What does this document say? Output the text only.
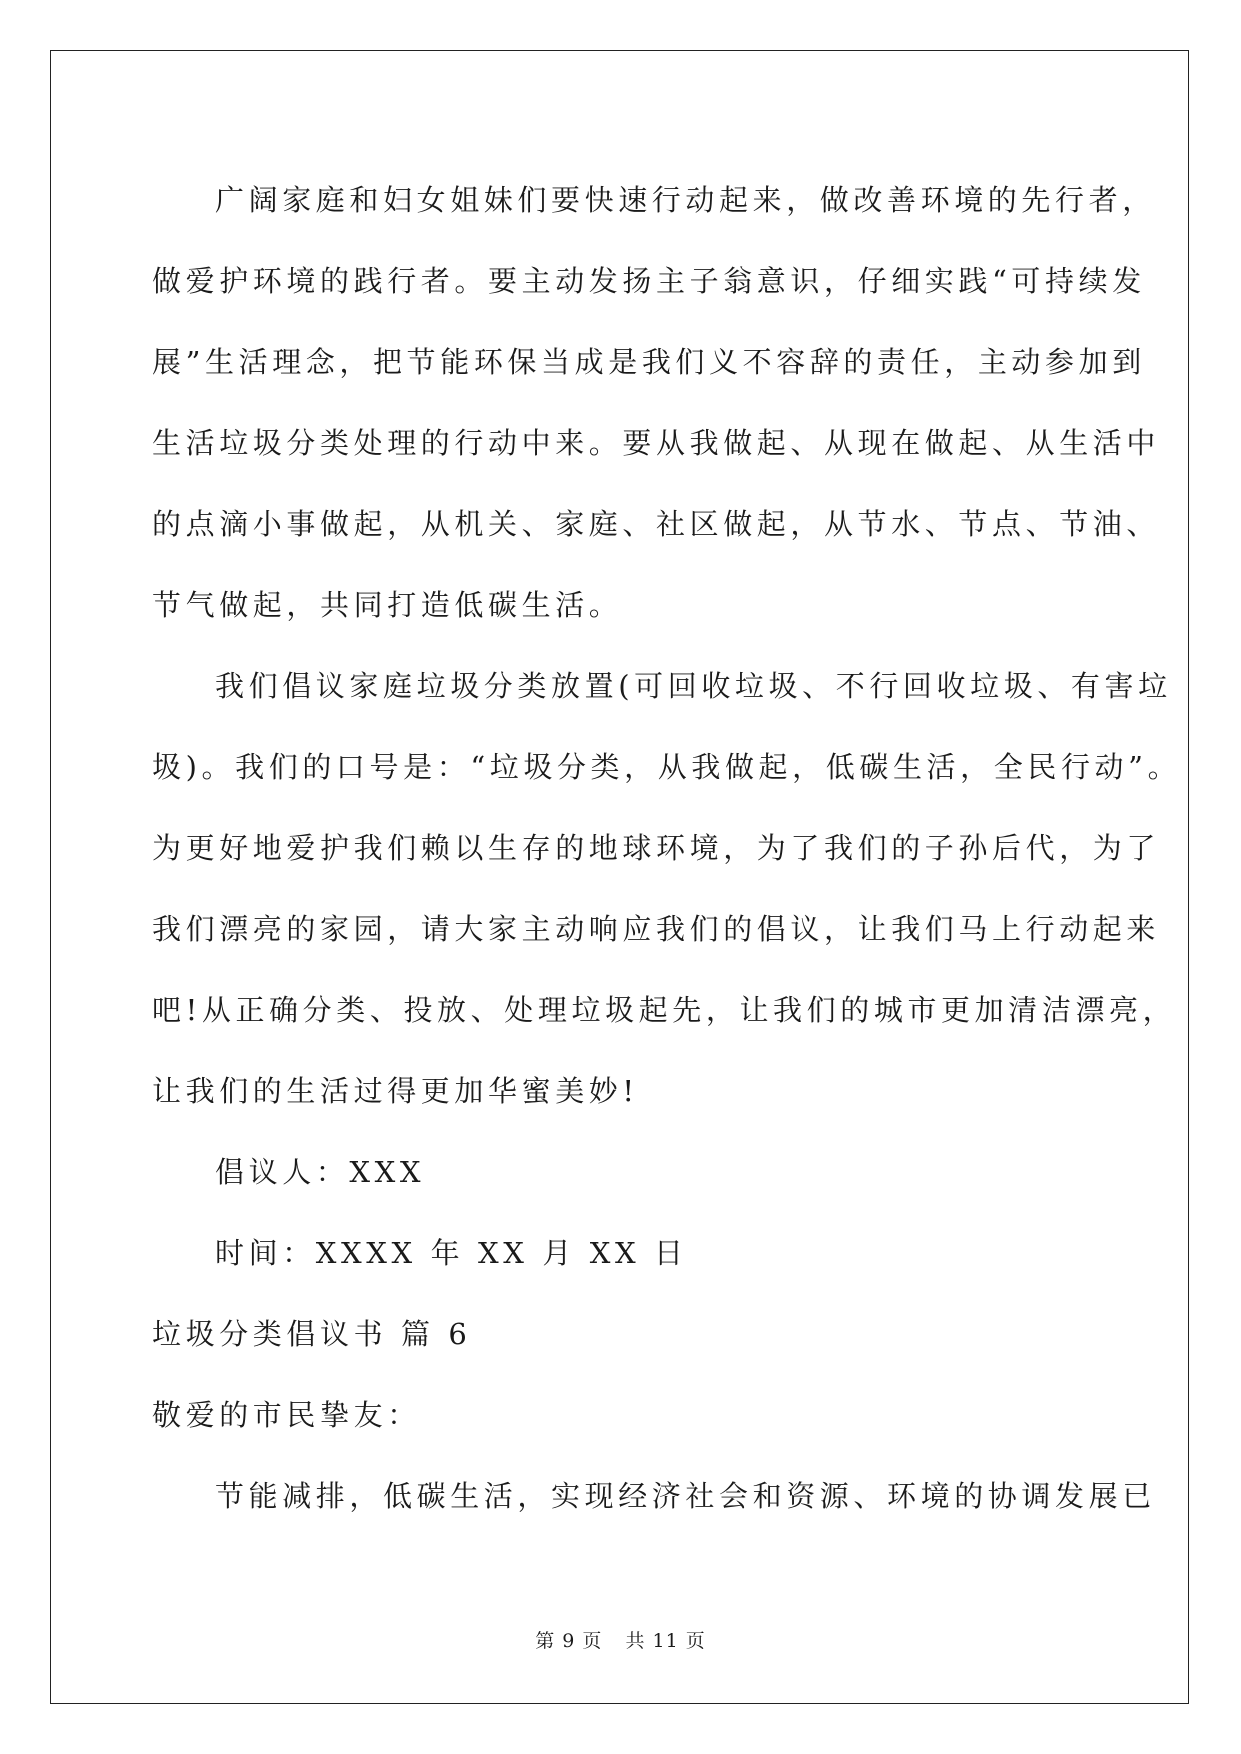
广阔家庭和妇女姐妹们要快速行动起来，做改善环境的先行者，
做爱护环境的践行者。要主动发扬主子翁意识，仔细实践“可持续发
展”生活理念，把节能环保当成是我们义不容辞的责任，主动参加到
生活垃圾分类处理的行动中来。要从我做起、从现在做起、从生活中
的点滴小事做起，从机关、家庭、社区做起，从节水、节点、节油、
节气做起，共同打造低碳生活。
我们倡议家庭垃圾分类放置(可回收垃圾、不行回收垃圾、有害垃
圾)。我们的口号是：“垃圾分类，从我做起，低碳生活，全民行动”。
为更好地爱护我们赖以生存的地球环境，为了我们的子孙后代，为了
我们漂亮的家园，请大家主动响应我们的倡议，让我们马上行动起来
吧!从正确分类、投放、处理垃圾起先，让我们的城市更加清洁漂亮，
让我们的生活过得更加华蜜美妙!
倡议人：XXX
时间：XXXX 年 XX 月 XX 日
垃圾分类倡议书 篇 6
敬爱的市民挚友：
节能减排，低碳生活，实现经济社会和资源、环境的协调发展已
第 9 页 共 11 页
